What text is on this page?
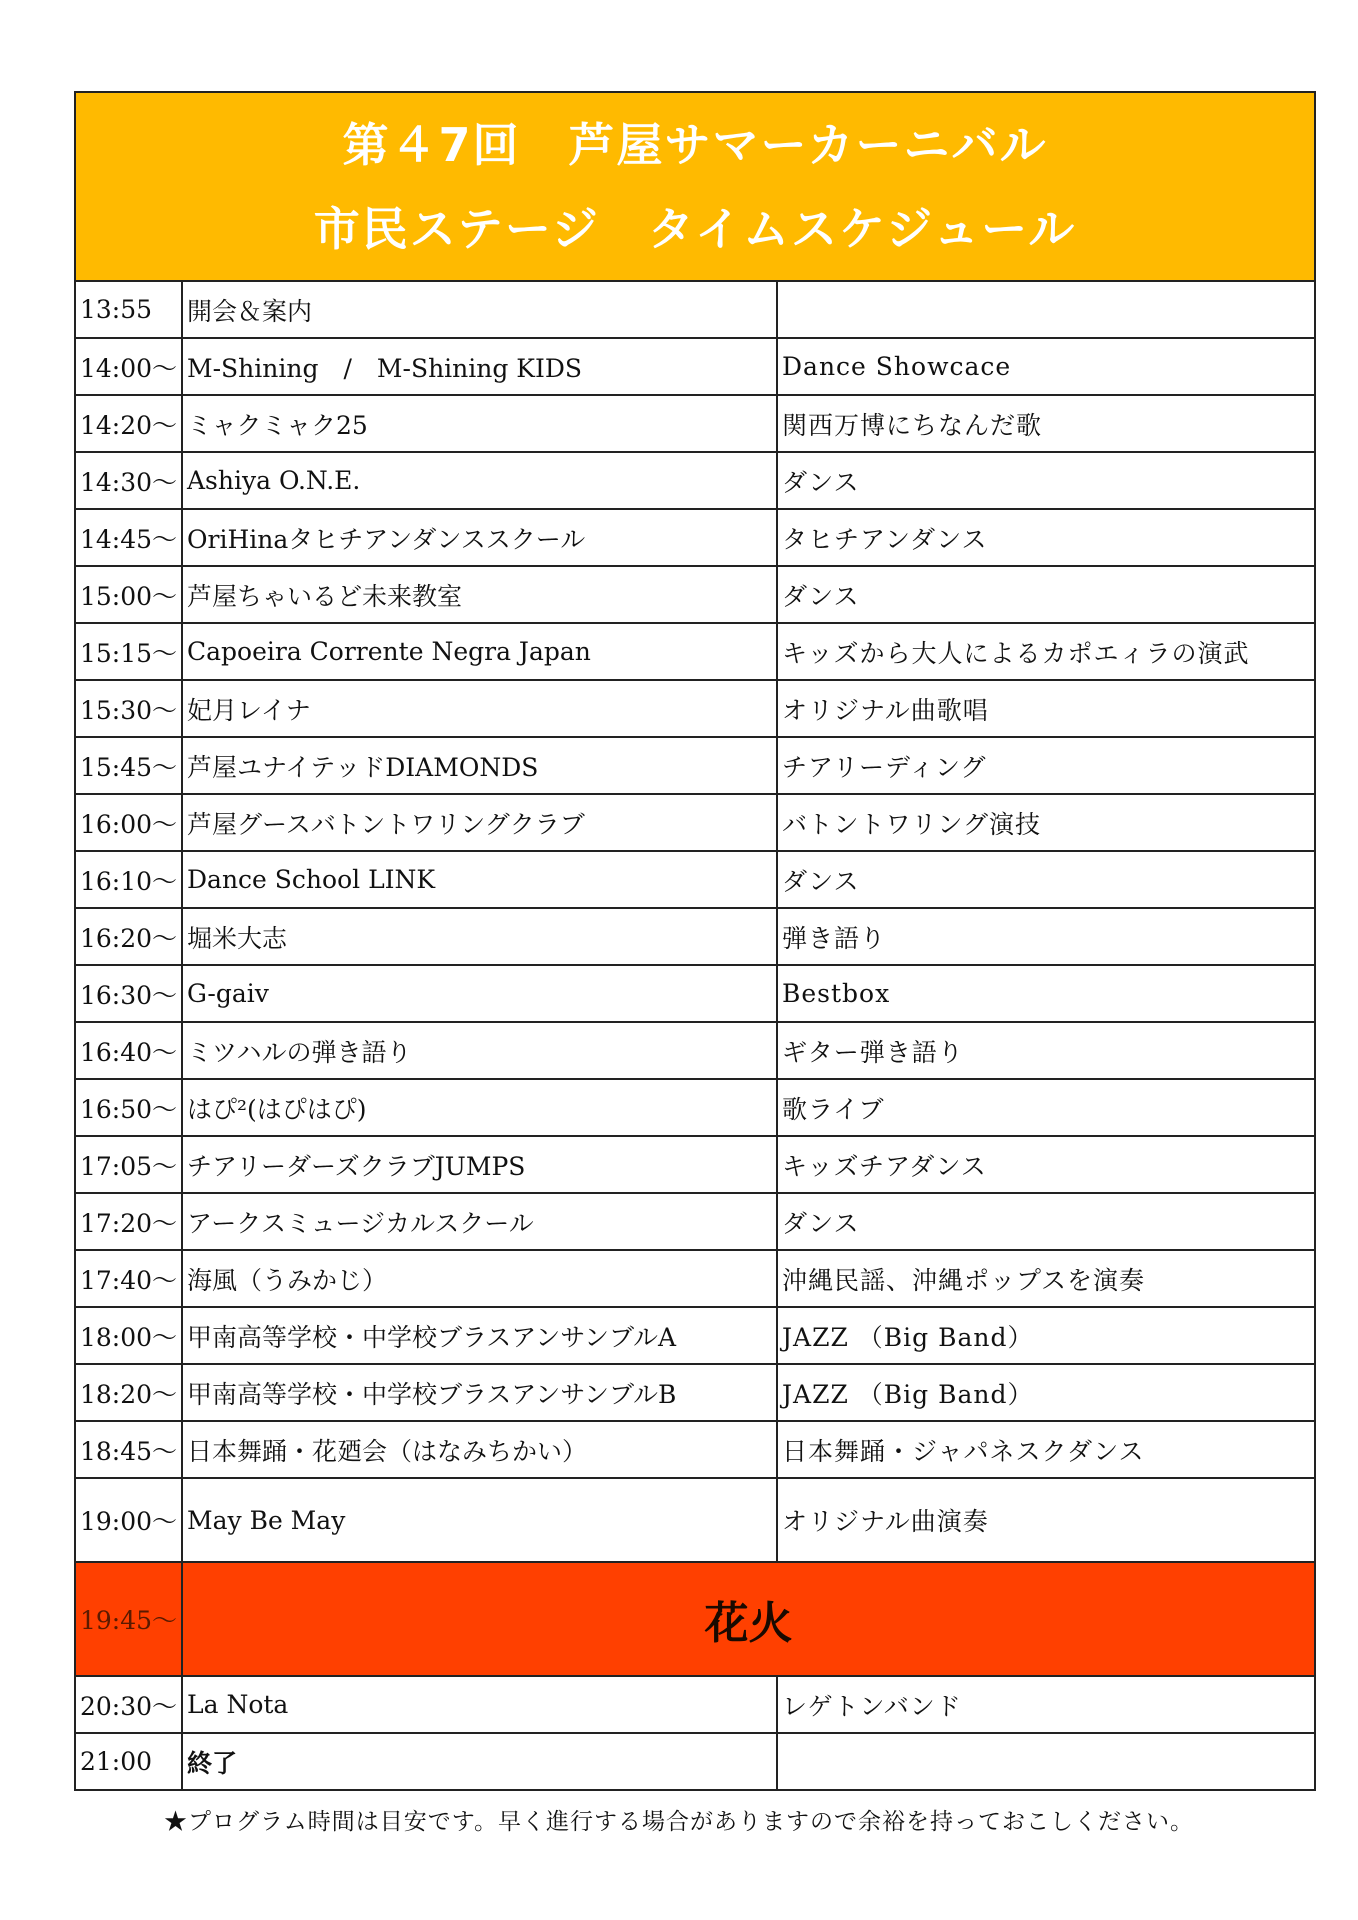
第４7回　芦屋サマーカーニバル
市民ステージ　タイムスケジュール
13:55	開会＆案内	
14:00～	M-Shining　/　M-Shining KIDS	Dance Showcace
14:20～	ミャクミャク25	関西万博にちなんだ歌
14:30～	Ashiya O.N.E.	ダンス
14:45～	OriHinaタヒチアンダンススクール	タヒチアンダンス
15:00～	芦屋ちゃいるど未来教室	ダンス
15:15～	Capoeira Corrente Negra Japan	キッズから大人によるカポエィラの演武
15:30～	妃月レイナ	オリジナル曲歌唱
15:45～	芦屋ユナイテッドDIAMONDS	チアリーディング
16:00～	芦屋グースバトントワリングクラブ	バトントワリング演技
16:10～	Dance School LINK	ダンス
16:20～	堀米大志	弾き語り
16:30～	G-gaiv	Bestbox
16:40～	ミツハルの弾き語り	ギター弾き語り
16:50～	はぴ²(はぴはぴ)	歌ライブ
17:05～	チアリーダーズクラブJUMPS	キッズチアダンス
17:20～	アークスミュージカルスクール	ダンス
17:40～	海風（うみかじ）	沖縄民謡、沖縄ポップスを演奏
18:00～	甲南高等学校・中学校ブラスアンサンブルA	JAZZ （Big Band）
18:20～	甲南高等学校・中学校ブラスアンサンブルB	JAZZ （Big Band）
18:45～	日本舞踊・花廼会（はなみちかい）	日本舞踊・ジャパネスクダンス
19:00～	May Be May	オリジナル曲演奏
19:45～	花火	
20:30～	La Nota	レゲトンバンド
21:00	終了	
★プログラム時間は目安です。早く進行する場合がありますので余裕を持っておこしください。
